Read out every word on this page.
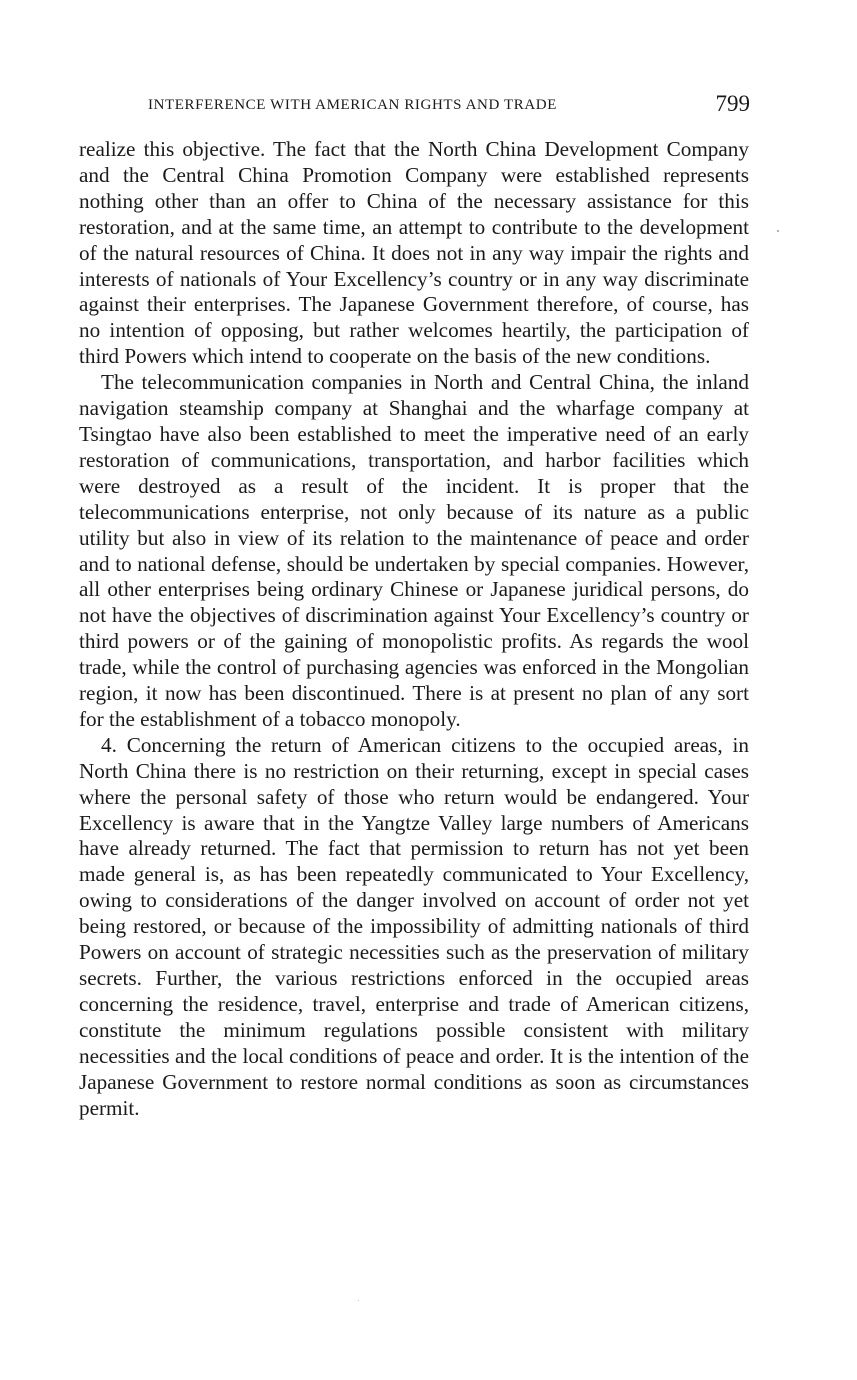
INTERFERENCE WITH AMERICAN RIGHTS AND TRADE	799

realize this objective. The fact that the North China Development Company and the Central China Promotion Company were established represents nothing other than an offer to China of the necessary assistance for this restoration, and at the same time, an attempt to contribute to the development of the natural resources of China. It does not in any way impair the rights and interests of nationals of Your Excellency’s country or in any way discriminate against their enterprises. The Japanese Government therefore, of course, has no intention of opposing, but rather welcomes heartily, the participation of third Powers which intend to cooperate on the basis of the new conditions.

The telecommunication companies in North and Central China, the inland navigation steamship company at Shanghai and the wharfage company at Tsingtao have also been established to meet the imperative need of an early restoration of communications, transportation, and harbor facilities which were destroyed as a result of the incident. It is proper that the telecommunications enterprise, not only because of its nature as a public utility but also in view of its relation to the maintenance of peace and order and to national defense, should be undertaken by special companies. However, all other enterprises being ordinary Chinese or Japanese juridical persons, do not have the objectives of discrimination against Your Excellency’s country or third powers or of the gaining of monopolistic profits. As regards the wool trade, while the control of purchasing agencies was enforced in the Mongolian region, it now has been discontinued. There is at present no plan of any sort for the establishment of a tobacco monopoly.

4. Concerning the return of American citizens to the occupied areas, in North China there is no restriction on their returning, except in special cases where the personal safety of those who return would be endangered. Your Excellency is aware that in the Yangtze Valley large numbers of Americans have already returned. The fact that permission to return has not yet been made general is, as has been repeatedly communicated to Your Excellency, owing to considerations of the danger involved on account of order not yet being restored, or because of the impossibility of admitting nationals of third Powers on account of strategic necessities such as the preservation of military secrets. Further, the various restrictions enforced in the occupied areas concerning the residence, travel, enterprise and trade of American citizens, constitute the minimum regulations possible consistent with military necessities and the local conditions of peace and order. It is the intention of the Japanese Government to restore normal conditions as soon as circumstances permit.
